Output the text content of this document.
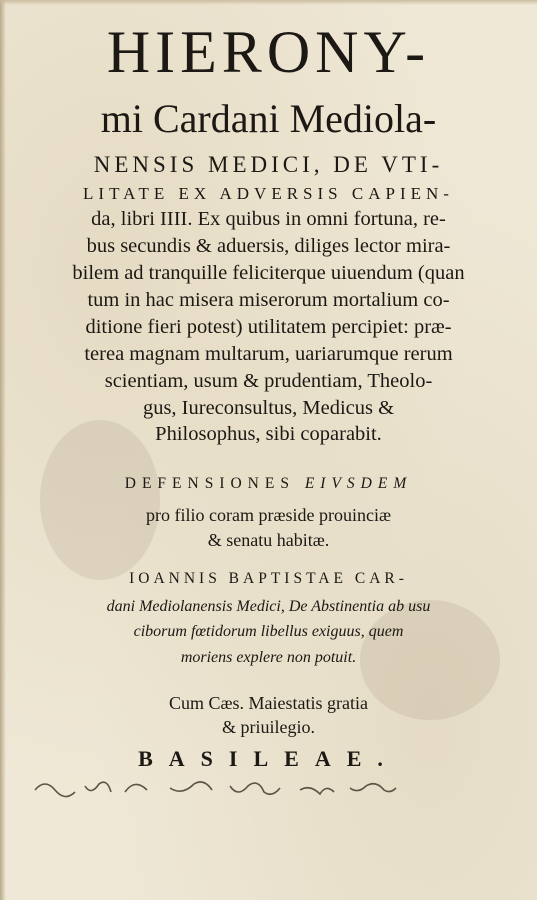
HIERONY-
mi Cardani Mediola-
NENSIS MEDICI, DE VTI-
LITATE EX ADVERSIS CAPIEN-
da, libri IIII. Ex quibus in omni fortuna, re-
bus secundis & aduersis, diliges lector mira-
bilem ad tranquille feliciterque uiuendum (quan
tum in hac misera miserorum mortalium co-
ditione fieri potest) utilitatem percipiet: præ-
terea magnam multarum, uariarumque rerum
scientiam, usum & prudentiam, Theolo-
gus, Iureconsultus, Medicus &
Philosophus, sibi coparabit.
DEFENSIONES EIVSDEM
pro filio coram præside prouinciæ
& senatu habitæ.
IOANNIS BAPTISTAE CAR-
dani Mediolanensis Medici, De Abstinentia ab usu
ciborum fœtidorum libellus exiguus, quem
moriens explere non potuit.
Cum Cæs. Maiestatis gratia
& priuilegio.
BASILEAE.
